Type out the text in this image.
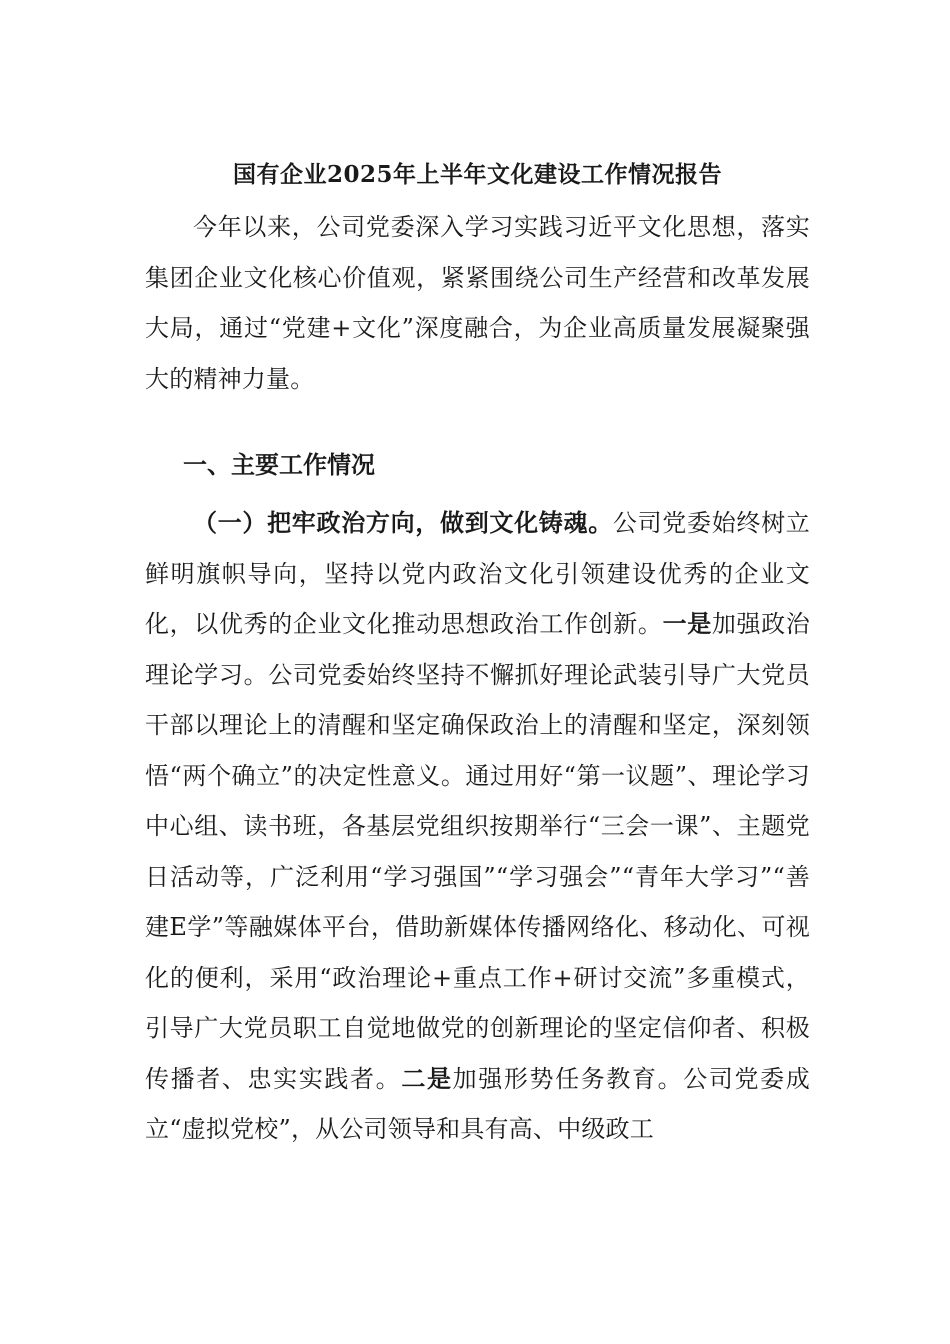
国有企业2025年上半年文化建设工作情况报告

今年以来，公司党委深入学习实践习近平文化思想，落实集团企业文化核心价值观，紧紧围绕公司生产经营和改革发展大局，通过“党建+文化”深度融合，为企业高质量发展凝聚强大的精神力量。

一、主要工作情况

（一）把牢政治方向，做到文化铸魂。公司党委始终树立鲜明旗帜导向，坚持以党内政治文化引领建设优秀的企业文化，以优秀的企业文化推动思想政治工作创新。一是加强政治理论学习。公司党委始终坚持不懈抓好理论武装引导广大党员干部以理论上的清醒和坚定确保政治上的清醒和坚定，深刻领悟“两个确立”的决定性意义。通过用好“第一议题”、理论学习中心组、读书班，各基层党组织按期举行“三会一课”、主题党日活动等，广泛利用“学习强国”“学习强会”“青年大学习”“善建E学”等融媒体平台，借助新媒体传播网络化、移动化、可视化的便利，采用“政治理论+重点工作+研讨交流”多重模式，引导广大党员职工自觉地做党的创新理论的坚定信仰者、积极传播者、忠实实践者。二是加强形势任务教育。公司党委成立“虚拟党校”，从公司领导和具有高、中级政工
